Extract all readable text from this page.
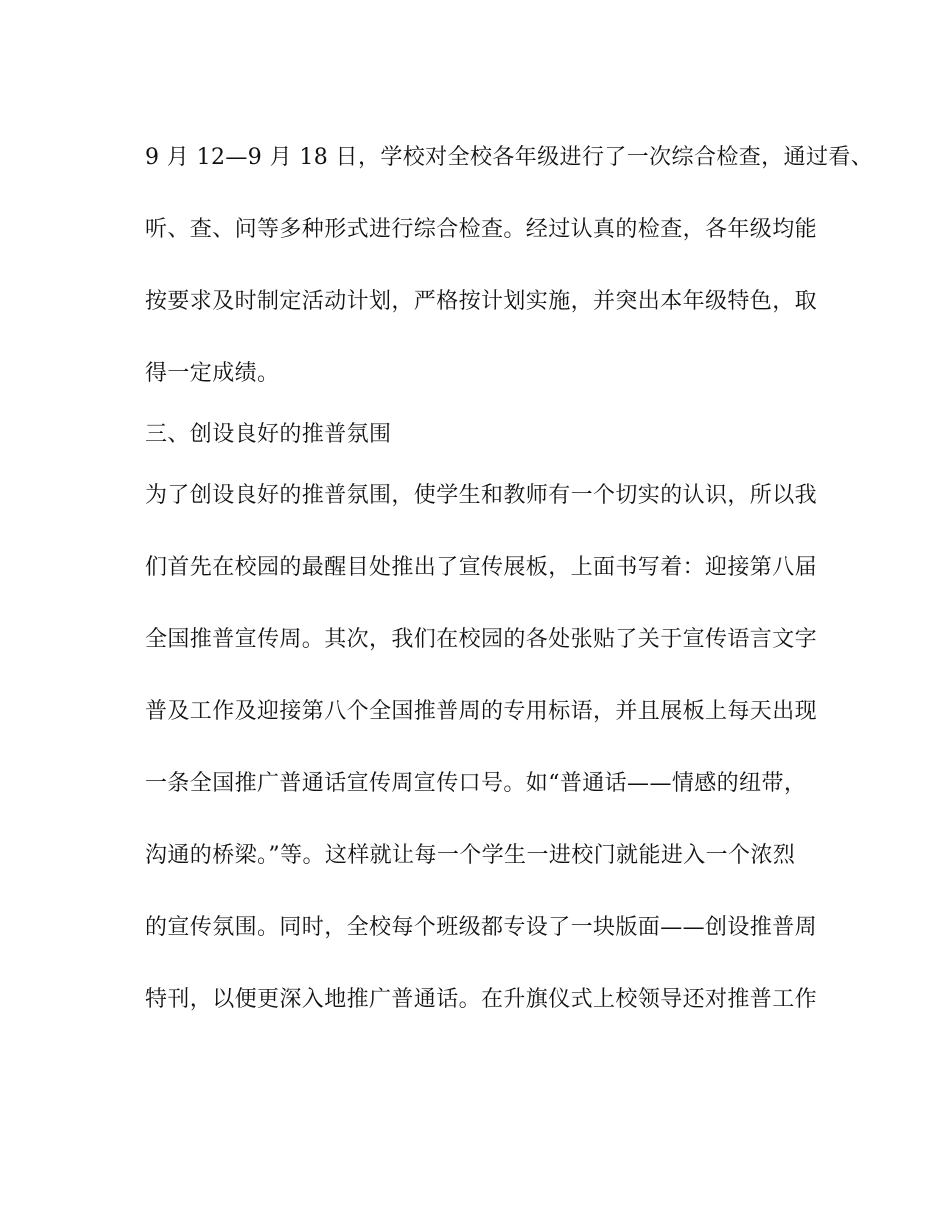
9 月 12—9 月 18 日，学校对全校各年级进行了一次综合检查，通过看、
听、查、问等多种形式进行综合检查。经过认真的检查，各年级均能
按要求及时制定活动计划，严格按计划实施，并突出本年级特色，取
得一定成绩。
三、创设良好的推普氛围
为了创设良好的推普氛围，使学生和教师有一个切实的认识，所以我
们首先在校园的最醒目处推出了宣传展板，上面书写着：迎接第八届
全国推普宣传周。其次，我们在校园的各处张贴了关于宣传语言文字
普及工作及迎接第八个全国推普周的专用标语，并且展板上每天出现
一条全国推广普通话宣传周宣传口号。如“普通话——情感的纽带，
沟通的桥梁。”等。这样就让每一个学生一进校门就能进入一个浓烈
的宣传氛围。同时，全校每个班级都专设了一块版面——创设推普周
特刊，以便更深入地推广普通话。在升旗仪式上校领导还对推普工作
